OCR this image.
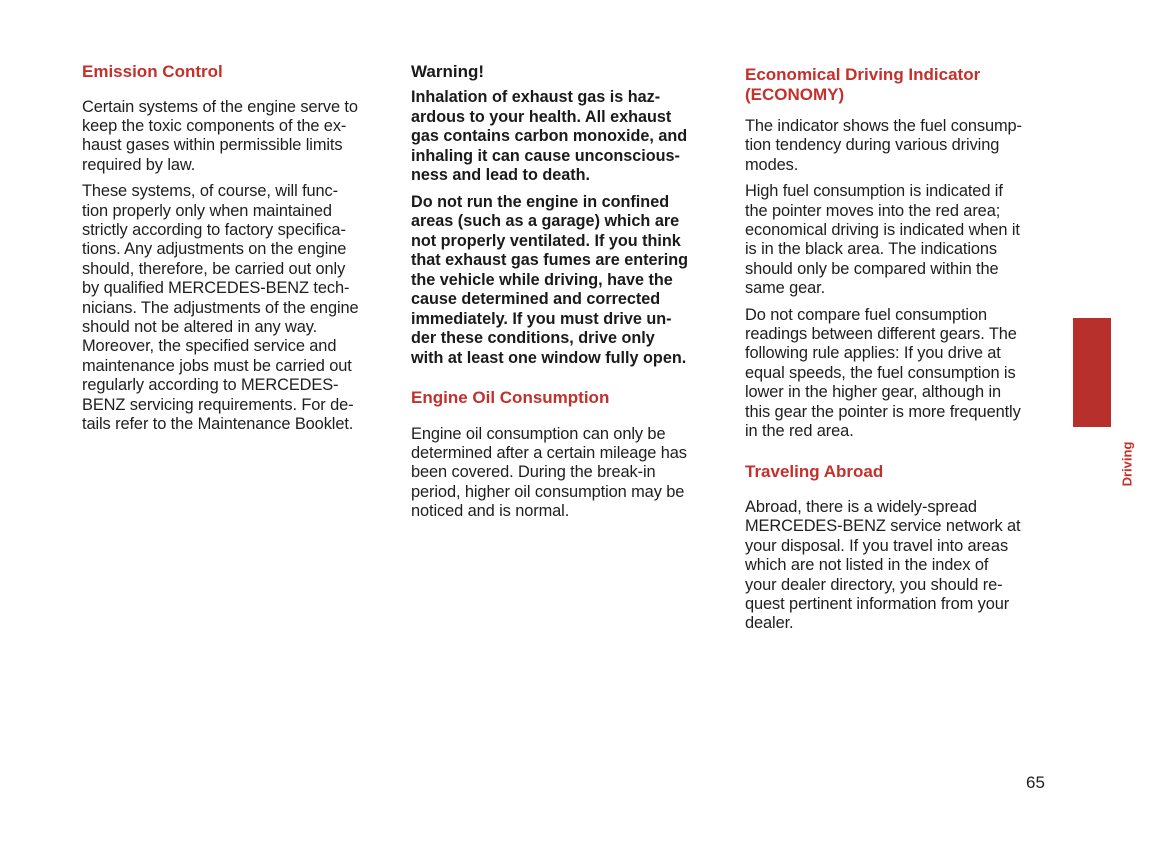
Emission Control

Certain systems of the engine serve to
keep the toxic components of the ex-
haust gases within permissible limits
required by law.

These systems, of course, will func-
tion properly only when maintained
strictly according to factory specifica-
tions. Any adjustments on the engine
should, therefore, be carried out only
by qualified MERCEDES-BENZ tech-
nicians. The adjustments of the engine
should not be altered in any way.
Moreover, the specified service and
maintenance jobs must be carried out
regularly according to MERCEDES-
BENZ servicing requirements. For de-
tails refer to the Maintenance Booklet.

Warning!

Inhalation of exhaust gas is haz-
ardous to your health. All exhaust
gas contains carbon monoxide, and
inhaling it can cause unconscious-
ness and lead to death.

Do not run the engine in confined
areas (such as a garage) which are
not properly ventilated. If you think
that exhaust gas fumes are entering
the vehicle while driving, have the
cause determined and corrected
immediately. If you must drive un-
der these conditions, drive only
with at least one window fully open.

Engine Oil Consumption

Engine oil consumption can only be
determined after a certain mileage has
been covered. During the break-in
period, higher oil consumption may be
noticed and is normal.

Economical Driving Indicator
(ECONOMY)

The indicator shows the fuel consump-
tion tendency during various driving
modes.

High fuel consumption is indicated if
the pointer moves into the red area;
economical driving is indicated when it
is in the black area. The indications
should only be compared within the
same gear.

Do not compare fuel consumption
readings between different gears. The
following rule applies: If you drive at
equal speeds, the fuel consumption is
lower in the higher gear, although in
this gear the pointer is more frequently
in the red area.

Traveling Abroad

Abroad, there is a widely-spread
MERCEDES-BENZ service network at
your disposal. If you travel into areas
which are not listed in the index of
your dealer directory, you should re-
quest pertinent information from your
dealer.

Driving
65
